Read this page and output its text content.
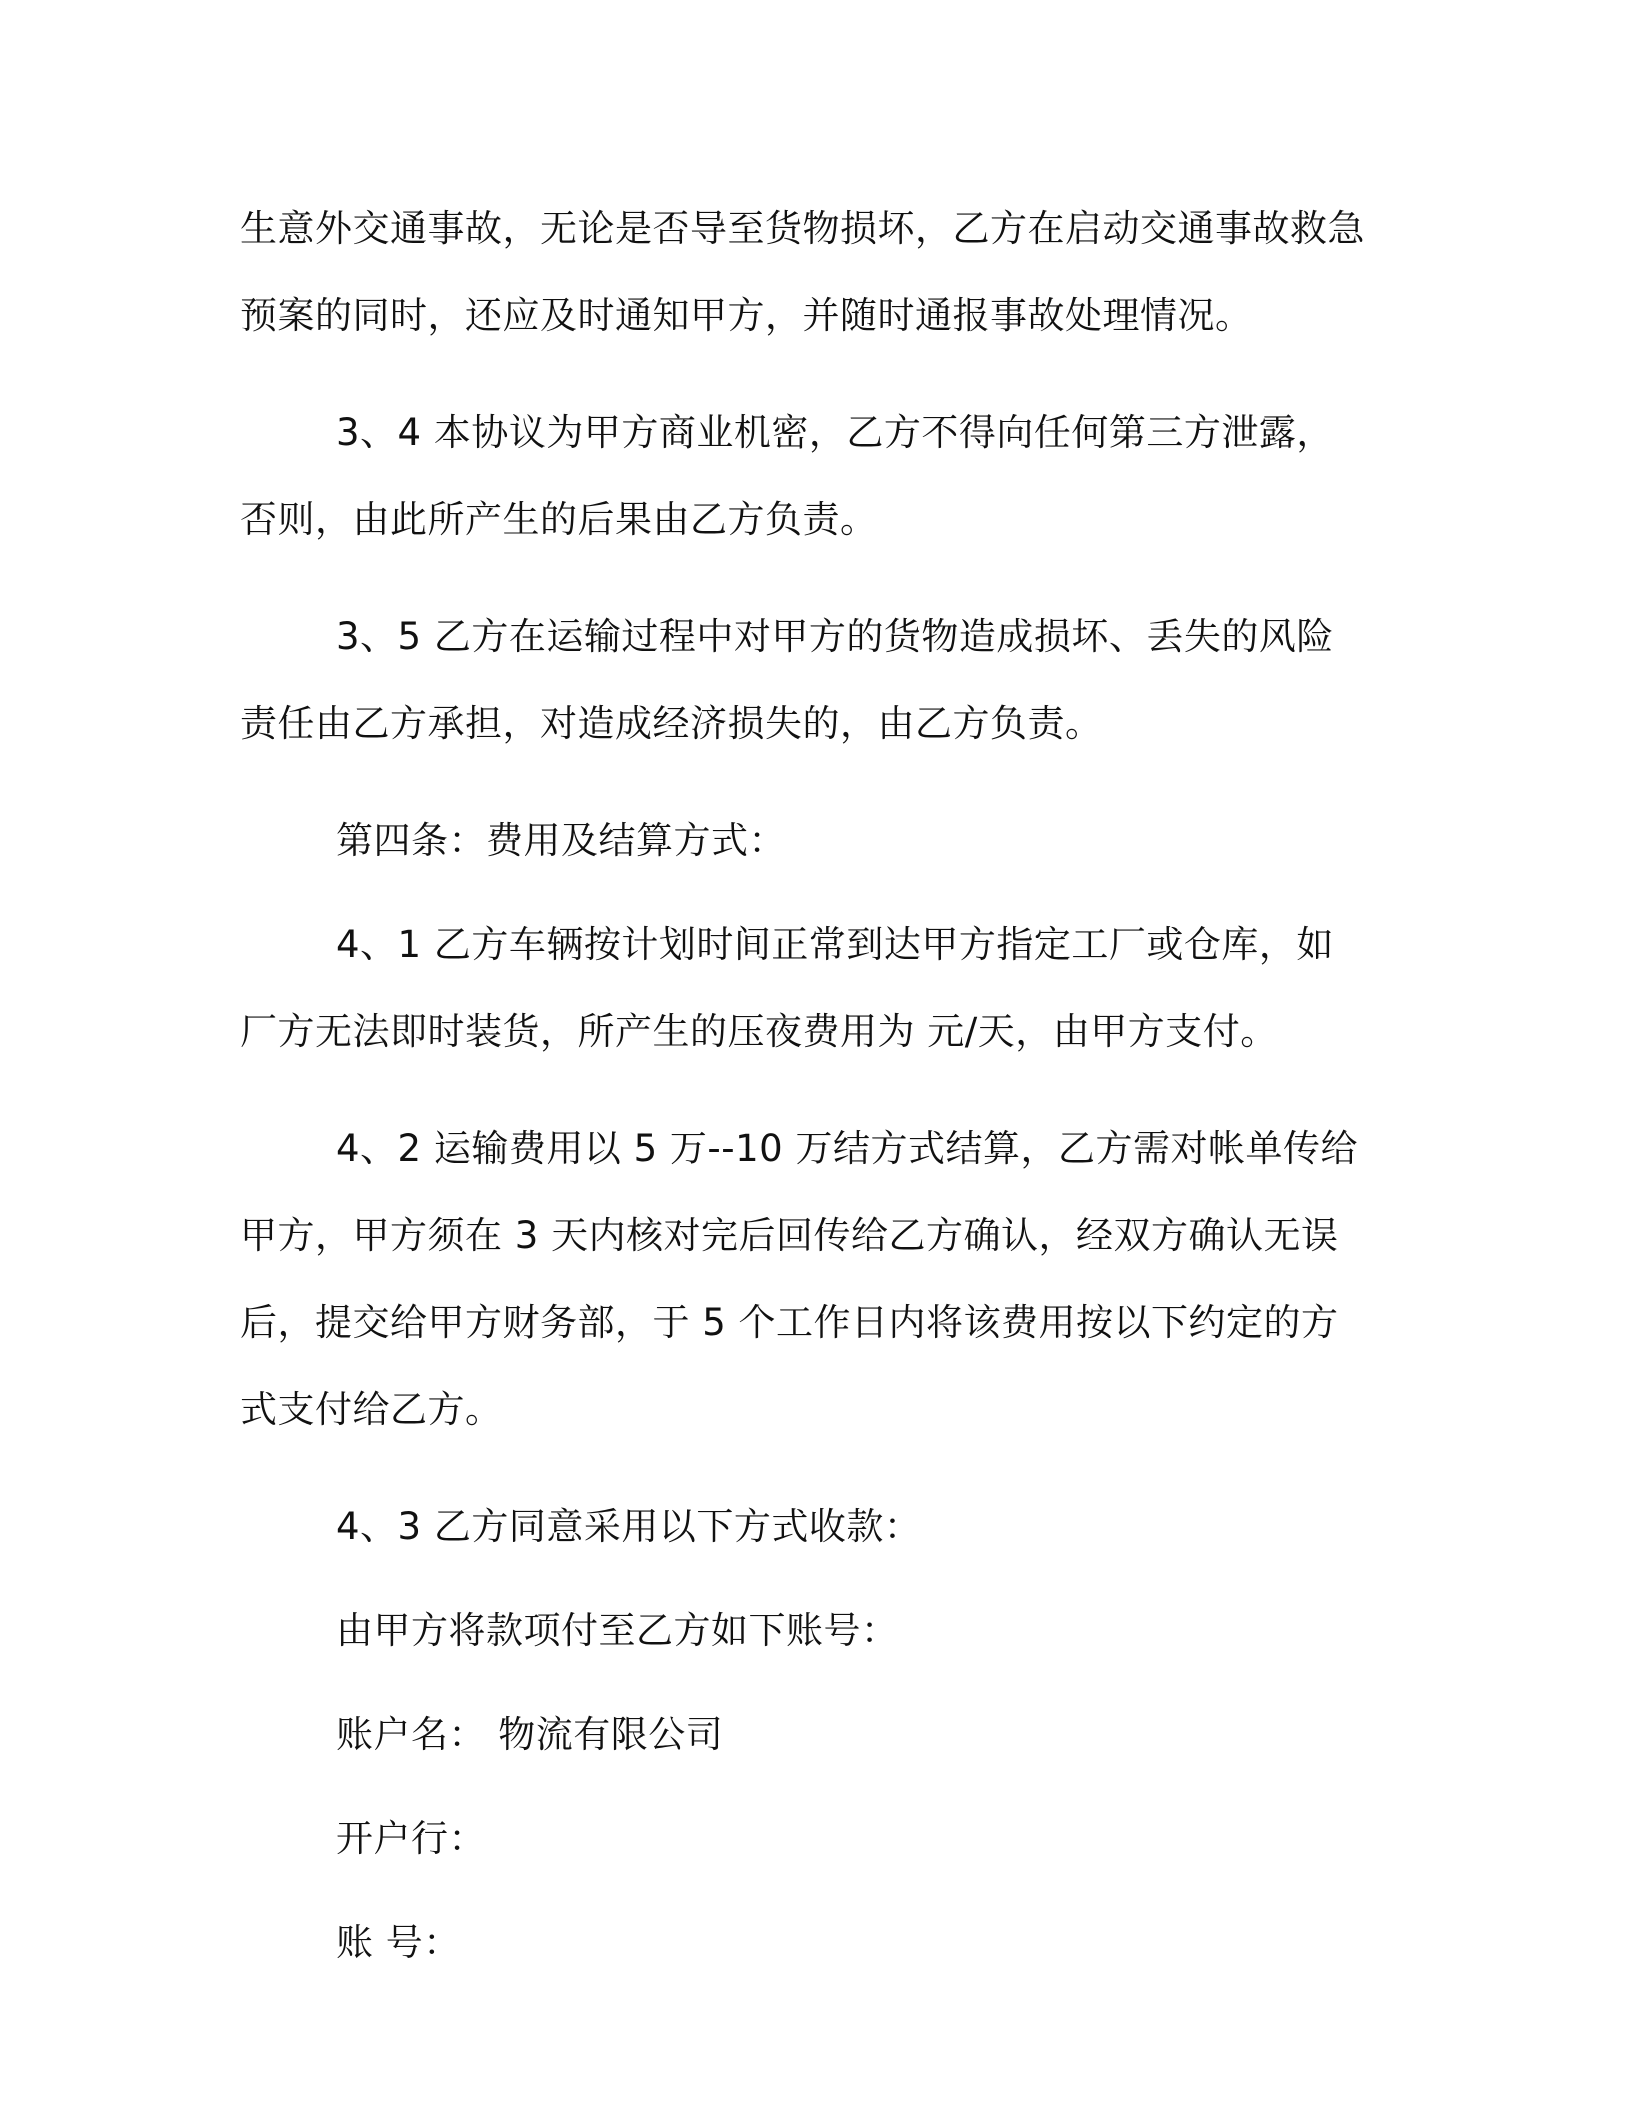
生意外交通事故，无论是否导至货物损坏，乙方在启动交通事故救急预案的同时，还应及时通知甲方，并随时通报事故处理情况。

3、4 本协议为甲方商业机密，乙方不得向任何第三方泄露，否则，由此所产生的后果由乙方负责。

3、5 乙方在运输过程中对甲方的货物造成损坏、丢失的风险责任由乙方承担，对造成经济损失的，由乙方负责。

第四条：费用及结算方式：

4、1 乙方车辆按计划时间正常到达甲方指定工厂或仓库，如厂方无法即时装货，所产生的压夜费用为 元/天，由甲方支付。

4、2 运输费用以 5 万--10 万结方式结算，乙方需对帐单传给甲方，甲方须在 3 天内核对完后回传给乙方确认，经双方确认无误后，提交给甲方财务部，于 5 个工作日内将该费用按以下约定的方式支付给乙方。

4、3 乙方同意采用以下方式收款：

由甲方将款项付至乙方如下账号：

账户名： 物流有限公司

开户行：

账 号：
